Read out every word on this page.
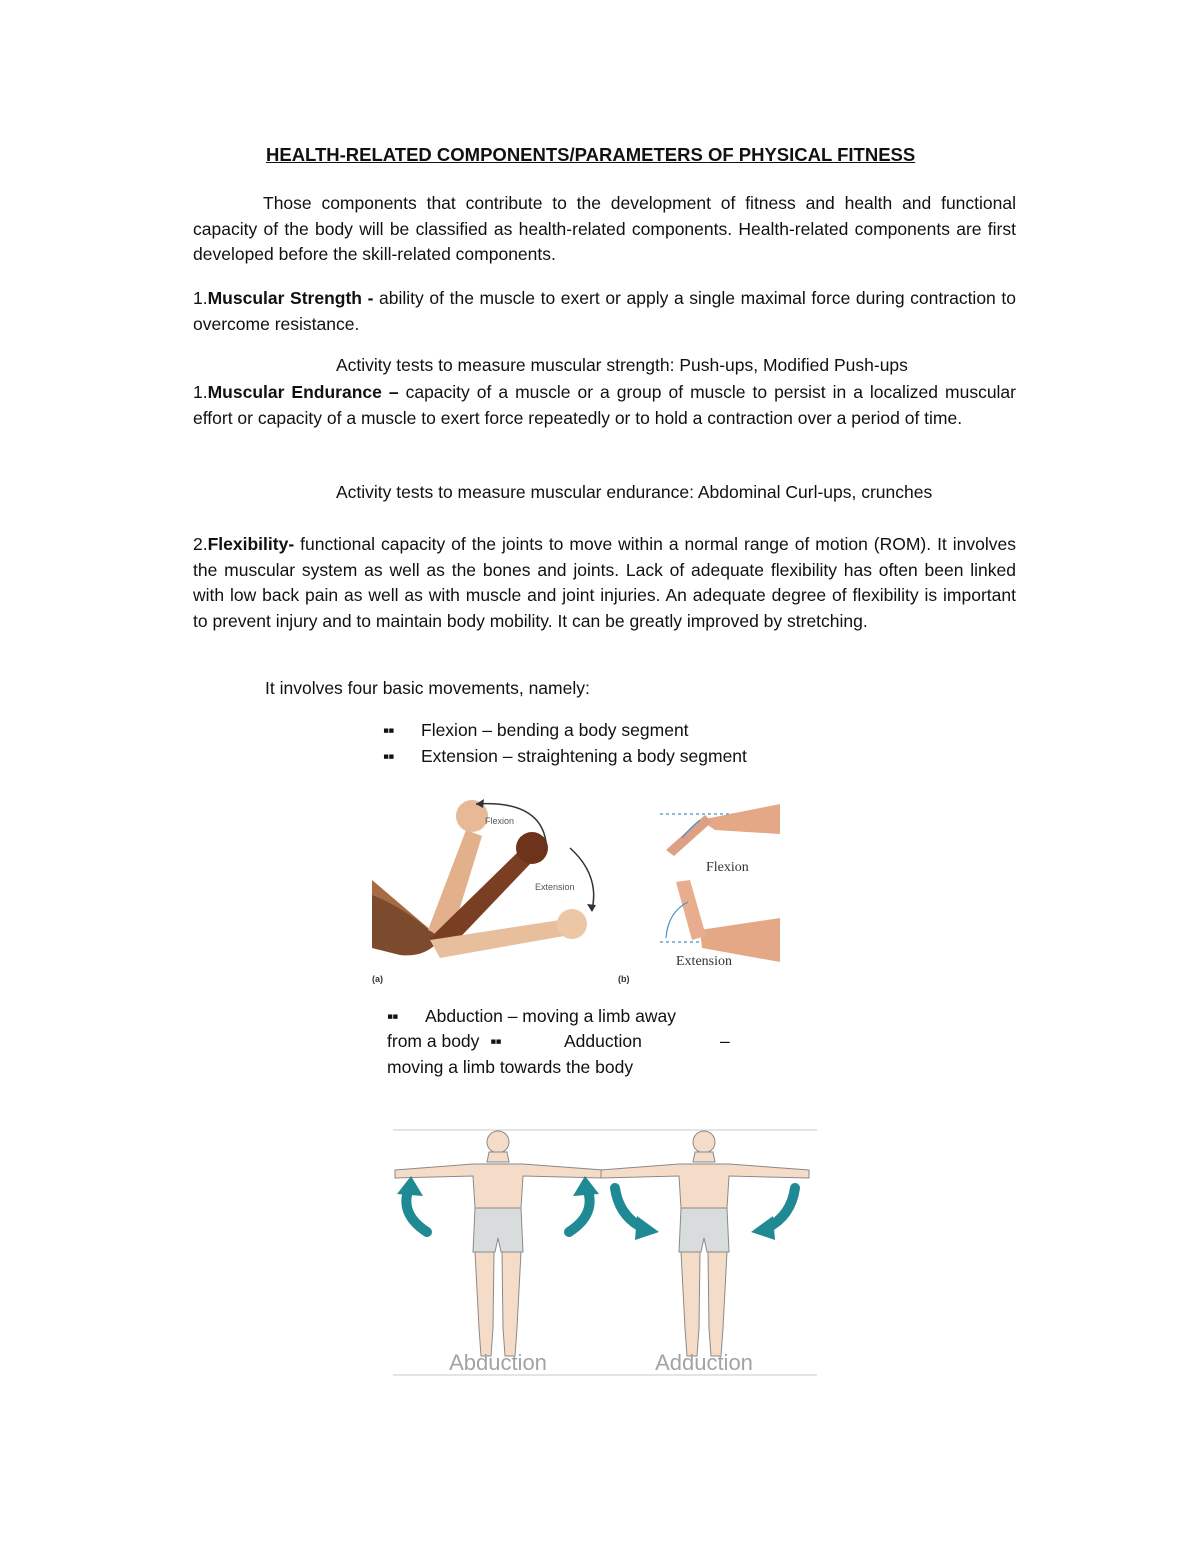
HEALTH-RELATED COMPONENTS/PARAMETERS OF PHYSICAL FITNESS
Those components that contribute to the development of fitness and health and functional capacity of the body will be classified as health-related components. Health-related components are first developed before the skill-related components.
1.Muscular Strength - ability of the muscle to exert or apply a single maximal force during contraction to overcome resistance.
Activity tests to measure muscular strength: Push-ups, Modified Push-ups
1.Muscular Endurance – capacity of a muscle or a group of muscle to persist in a localized muscular effort or capacity of a muscle to exert force repeatedly or to hold a contraction over a period of time.
Activity tests to measure muscular endurance: Abdominal Curl-ups, crunches
2.Flexibility- functional capacity of the joints to move within a normal range of motion (ROM). It involves the muscular system as well as the bones and joints. Lack of adequate flexibility has often been linked with low back pain as well as with muscle and joint injuries. An adequate degree of flexibility is important to prevent injury and to maintain body mobility. It can be greatly improved by stretching.
It involves four basic movements, namely:
▪▪ Flexion – bending a body segment
▪▪ Extension – straightening a body segment
Flexion
Extension
(a)
Flexion
Extension
(b)
▪▪ Abduction – moving a limb away
from a body ▪▪	Adduction	–
moving a limb towards the body
Abduction	Adduction
